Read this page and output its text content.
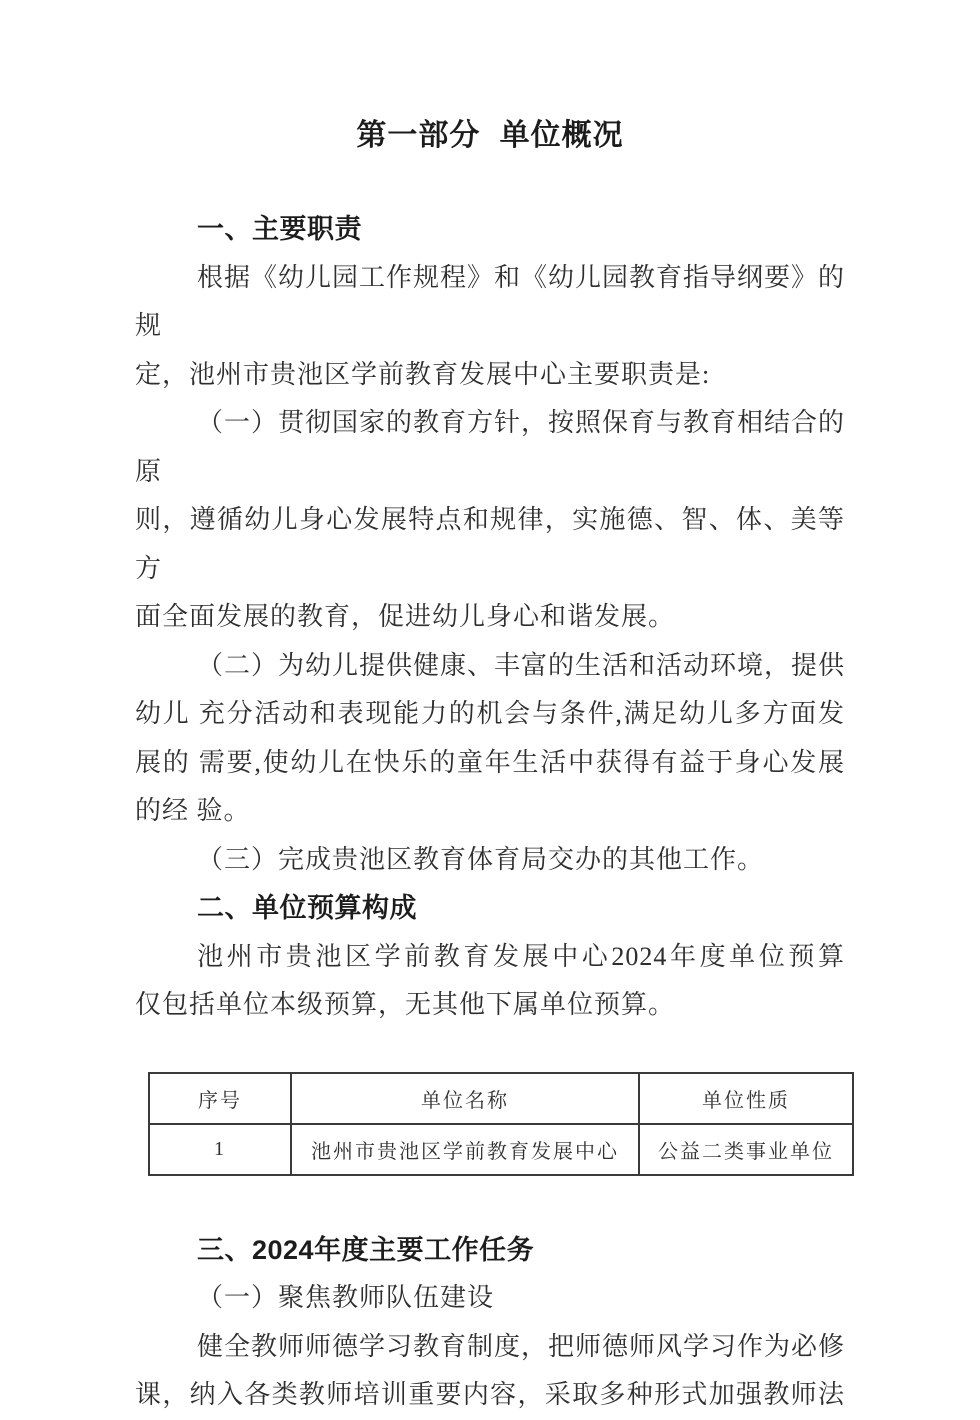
第一部分 单位概况
一、主要职责
根据《幼儿园工作规程》和《幼儿园教育指导纲要》的 规
定，池州市贵池区学前教育发展中心主要职责是:
（一）贯彻国家的教育方针，按照保育与教育相结合的原
则，遵循幼儿身心发展特点和规律，实施德、智、体、美等方
面全面发展的教育，促进幼儿身心和谐发展。
（二）为幼儿提供健康、丰富的生活和活动环境，提供
幼儿 充分活动和表现能力的机会与条件,满足幼儿多方面发
展的 需要,使幼儿在快乐的童年生活中获得有益于身心发展
的经 验。
（三）完成贵池区教育体育局交办的其他工作。
二、单位预算构成
池州市贵池区学前教育发展中心2024年度单位预算
仅包括单位本级预算，无其他下属单位预算。
序号	单位名称	单位性质
1	池州市贵池区学前教育发展中心	公益二类事业单位
三、2024年度主要工作任务
（一）聚焦教师队伍建设
健全教师师德学习教育制度，把师德师风学习作为必修
课，纳入各类教师培训重要内容，采取多种形式加强教师法
